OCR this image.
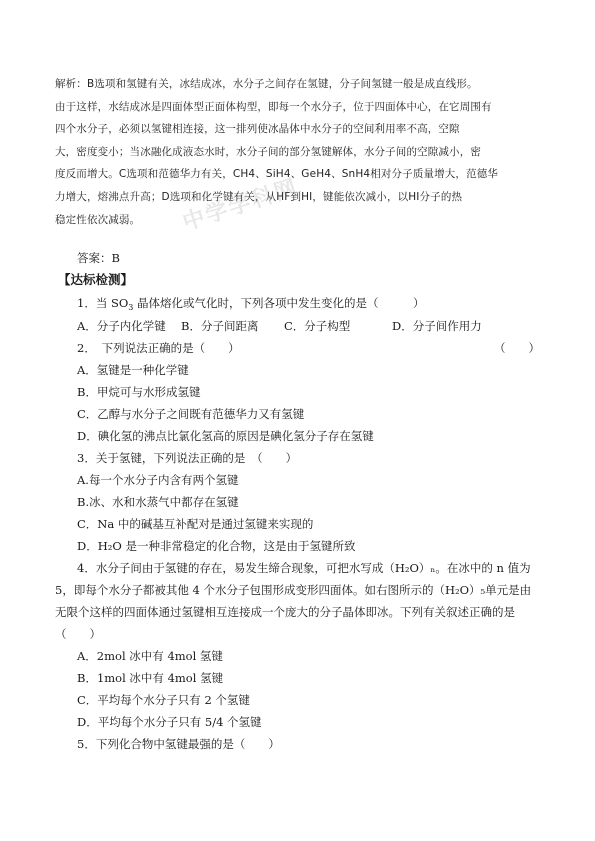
解析：B选项和氢键有关，冰结成冰，水分子之间存在氢键，分子间氢键一般是成直线形。

由于这样，水结成冰是四面体型正面体构型，即每一个水分子，位于四面体中心，在它周围有

四个水分子，必须以氢键相连接，这一排列使冰晶体中水分子的空间利用率不高，空隙

大，密度变小；当冰融化成液态水时，水分子间的部分氢键解体，水分子间的空隙减小，密

度反而增大。C选项和范德华力有关，CH4、SiH4、GeH4、SnH4相对分子质量增大，范德华

力增大，熔沸点升高；D选项和化学键有关，从HF到HI，键能依次减小，以HI分子的热

稳定性依次减弱。	中学学科网
答案：B
【达标检测】
1．当 $SO_3$ 晶体熔化或气化时，下列各项中发生变化的是（　　　）
A．分子内化学键 B．分子间距离 C．分子构型	D．分子间作用力
2．　下列说法正确的是（　　）	（　　）
A．氢键是一种化学键
B．甲烷可与水形成氢键
C．乙醇与水分子之间既有范德华力又有氢键
D．碘化氢的沸点比氯化氢高的原因是碘化氢分子存在氢键
3．关于氢键，下列说法正确的是　（　　）
A.每一个水分子内含有两个氢键
B.冰、水和水蒸气中都存在氢键
C．Na 中的碱基互补配对是通过氢键来实现的
D．H₂O 是一种非常稳定的化合物，这是由于氢键所致
4．水分子间由于氢键的存在，易发生缔合现象，可把水写成（H₂O）ₙ。在冰中的 n 值为
5，即每个水分子都被其他 4 个水分子包围形成变形四面体。如右图所示的（H₂O）₅单元是由
无限个这样的四面体通过氢键相互连接成一个庞大的分子晶体即冰。下列有关叙述正确的是
（　　）
A．2mol 冰中有 4mol 氢键
B．1mol 冰中有 4mol 氢键
C．平均每个水分子只有 2 个氢键
D．平均每个水分子只有 5/4 个氢键
5．下列化合物中氢键最强的是（　　）
